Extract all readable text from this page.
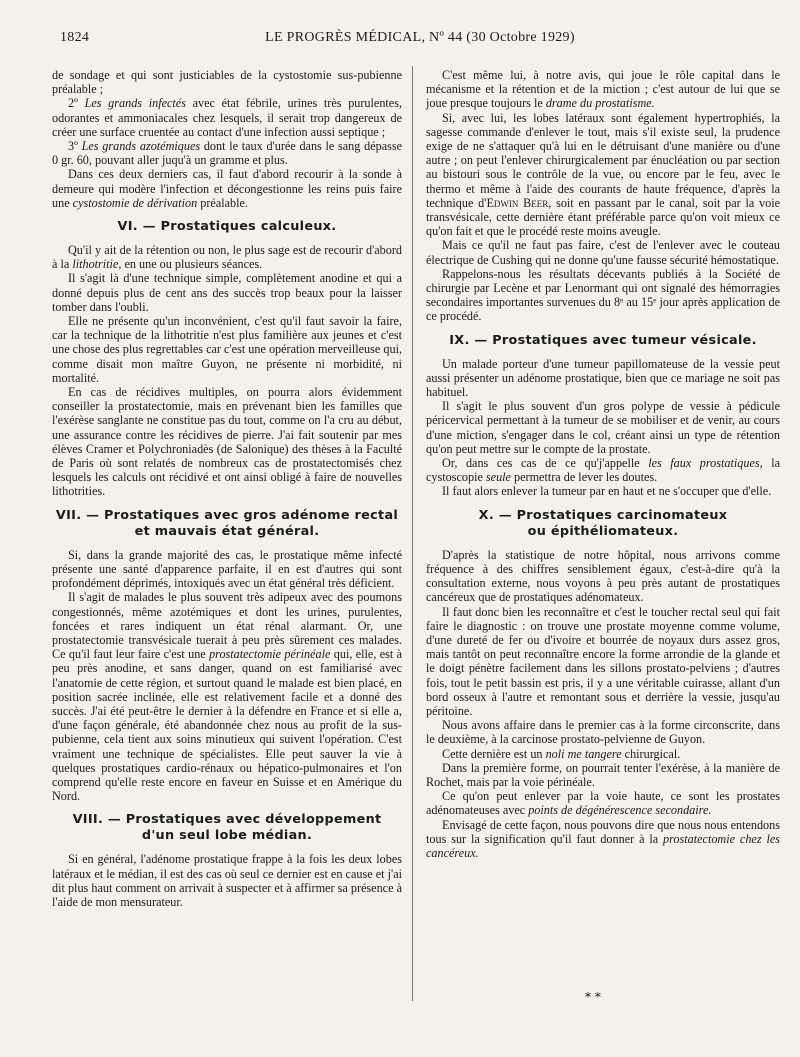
1824	LE PROGRÈS MÉDICAL, Nº 44 (30 Octobre 1929)

de sondage et qui sont justiciables de la cystostomie sus-pubienne préalable ;

2º Les grands infectés avec état fébrile, urines très purulentes, odorantes et ammoniacales chez lesquels, il serait trop dangereux de créer une surface cruentée au contact d'une infection aussi septique ;

3º Les grands azotémiques dont le taux d'urée dans le sang dépasse 0 gr. 60, pouvant aller juqu'à un gramme et plus.

Dans ces deux derniers cas, il faut d'abord recourir à la sonde à demeure qui modère l'infection et décongestionne les reins puis faire une cystostomie de dérivation préalable.

VI. — Prostatiques calculeux.

Qu'il y ait de la rétention ou non, le plus sage est de recourir d'abord à la lithotritie, en une ou plusieurs séances.

Il s'agit là d'une technique simple, complètement anodine et qui a donné depuis plus de cent ans des succès trop beaux pour la laisser tomber dans l'oubli.

Elle ne présente qu'un inconvénient, c'est qu'il faut savoir la faire, car la technique de la lithotritie n'est plus familière aux jeunes et c'est une chose des plus regrettables car c'est une opération merveilleuse qui, comme disait mon maître Guyon, ne présente ni morbidité, ni mortalité.

En cas de récidives multiples, on pourra alors évidemment conseiller la prostatectomie, mais en prévenant bien les familles que l'exérèse sanglante ne constitue pas du tout, comme on l'a cru au début, une assurance contre les récidives de pierre. J'ai fait soutenir par mes élèves Cramer et Polychroniadès (de Salonique) des thèses à la Faculté de Paris où sont relatés de nombreux cas de prostatectomisés chez lesquels les calculs ont récidivé et ont ainsi obligé à faire de nouvelles lithotrities.

VII. — Prostatiques avec gros adénome rectal
et mauvais état général.

Si, dans la grande majorité des cas, le prostatique même infecté présente une santé d'apparence parfaite, il en est d'autres qui sont profondément déprimés, intoxiqués avec un état général très déficient.

Il s'agit de malades le plus souvent très adipeux avec des poumons congestionnés, même azotémiques et dont les urines, purulentes, foncées et rares indiquent un état rénal alarmant. Or, une prostatectomie transvésicale tuerait à peu près sûrement ces malades. Ce qu'il faut leur faire c'est une prostatectomie périnéale qui, elle, est à peu près anodine, et sans danger, quand on est familiarisé avec l'anatomie de cette région, et surtout quand le malade est bien placé, en position sacrée inclinée, elle est relativement facile et a donné des succès. J'ai été peut-être le dernier à la défendre en France et si elle a, d'une façon générale, été abandonnée chez nous au profit de la sus-pubienne, cela tient aux soins minutieux qui suivent l'opération. C'est vraiment une technique de spécialistes. Elle peut sauver la vie à quelques prostatiques cardio-rénaux ou hépatico-pulmonaires et l'on comprend qu'elle reste encore en faveur en Suisse et en Amérique du Nord.

VIII. — Prostatiques avec développement
d'un seul lobe médian.

Si en général, l'adénome prostatique frappe à la fois les deux lobes latéraux et le médian, il est des cas où seul ce dernier est en cause et j'ai dit plus haut comment on arrivait à suspecter et à affirmer sa présence à l'aide de mon mensurateur.

C'est même lui, à notre avis, qui joue le rôle capital dans le mécanisme et la rétention et de la miction ; c'est autour de lui que se joue presque toujours le drame du prostatisme.

Si, avec lui, les lobes latéraux sont également hypertrophiés, la sagesse commande d'enlever le tout, mais s'il existe seul, la prudence exige de ne s'attaquer qu'à lui en le détruisant d'une manière ou d'une autre ; on peut l'enlever chirurgicalement par énucléation ou par section au bistouri sous le contrôle de la vue, ou encore par le feu, avec le thermo et même à l'aide des courants de haute fréquence, d'après la technique d'Edwin Beer, soit en passant par le canal, soit par la voie transvésicale, cette dernière étant préférable parce qu'on voit mieux ce qu'on fait et que le procédé reste moins aveugle.

Mais ce qu'il ne faut pas faire, c'est de l'enlever avec le couteau électrique de Cushing qui ne donne qu'une fausse sécurité hémostatique.

Rappelons-nous les résultats décevants publiés à la Société de chirurgie par Lecène et par Lenormant qui ont signalé des hémorragies secondaires importantes survenues du 8ᵉ au 15ᵉ jour après application de ce procédé.

IX. — Prostatiques avec tumeur vésicale.

Un malade porteur d'une tumeur papillomateuse de la vessie peut aussi présenter un adénome prostatique, bien que ce mariage ne soit pas habituel.

Il s'agit le plus souvent d'un gros polype de vessie à pédicule péricervical permettant à la tumeur de se mobiliser et de venir, au cours d'une miction, s'engager dans le col, créant ainsi un type de rétention qu'on peut mettre sur le compte de la prostate.

Or, dans ces cas de ce qu'j'appelle les faux prostatiques, la cystoscopie seule permettra de lever les doutes.

Il faut alors enlever la tumeur par en haut et ne s'occuper que d'elle.

X. — Prostatiques carcinomateux
ou épithéliomateux.

D'après la statistique de notre hôpital, nous arrivons comme fréquence à des chiffres sensiblement égaux, c'est-à-dire qu'à la consultation externe, nous voyons à peu près autant de prostatiques cancéreux que de prostatiques adénomateux.

Il faut donc bien les reconnaître et c'est le toucher rectal seul qui fait faire le diagnostic : on trouve une prostate moyenne comme volume, d'une dureté de fer ou d'ivoire et bourrée de noyaux durs assez gros, mais tantôt on peut reconnaître encore la forme arrondie de la glande et le doigt pénètre facilement dans les sillons prostato-pelviens ; d'autres fois, tout le petit bassin est pris, il y a une véritable cuirasse, allant d'un bord osseux à l'autre et remontant sous et derrière la vessie, jusqu'au péritoine.

Nous avons affaire dans le premier cas à la forme circonscrite, dans le deuxième, à la carcinose prostato-pelvienne de Guyon.

Cette dernière est un noli me tangere chirurgical.

Dans la première forme, on pourrait tenter l'exérèse, à la manière de Rochet, mais par la voie périnéale.

Ce qu'on peut enlever par la voie haute, ce sont les prostates adénomateuses avec points de dégénérescence secondaire.

Envisagé de cette façon, nous pouvons dire que nous nous entendons tous sur la signification qu'il faut donner à la prostatectomie chez les cancéreux.

* *
